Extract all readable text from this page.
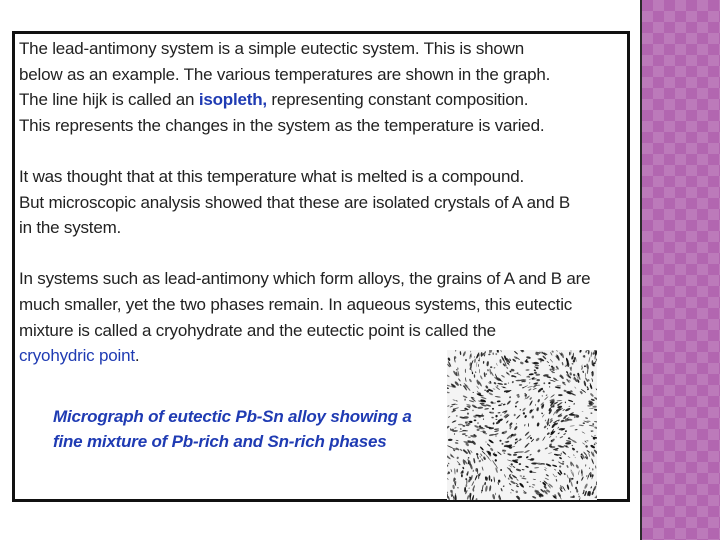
The lead-antimony system is a simple eutectic system. This is shown
below as an example. The various temperatures are shown in the graph.
The line hijk is called an isopleth, representing constant composition.
This represents the changes in the system as the temperature is varied.
It was thought that at this temperature what is melted is a compound.
But microscopic analysis showed that these are isolated crystals of A and B
in the system.
In systems such as lead-antimony which form alloys, the grains of A and B are
much smaller, yet the two phases remain. In aqueous systems, this eutectic
mixture is called a cryohydrate and the eutectic point is called the
cryohydric point.
Micrograph of eutectic Pb-Sn alloy showing a
fine mixture of Pb-rich and Sn-rich phases
